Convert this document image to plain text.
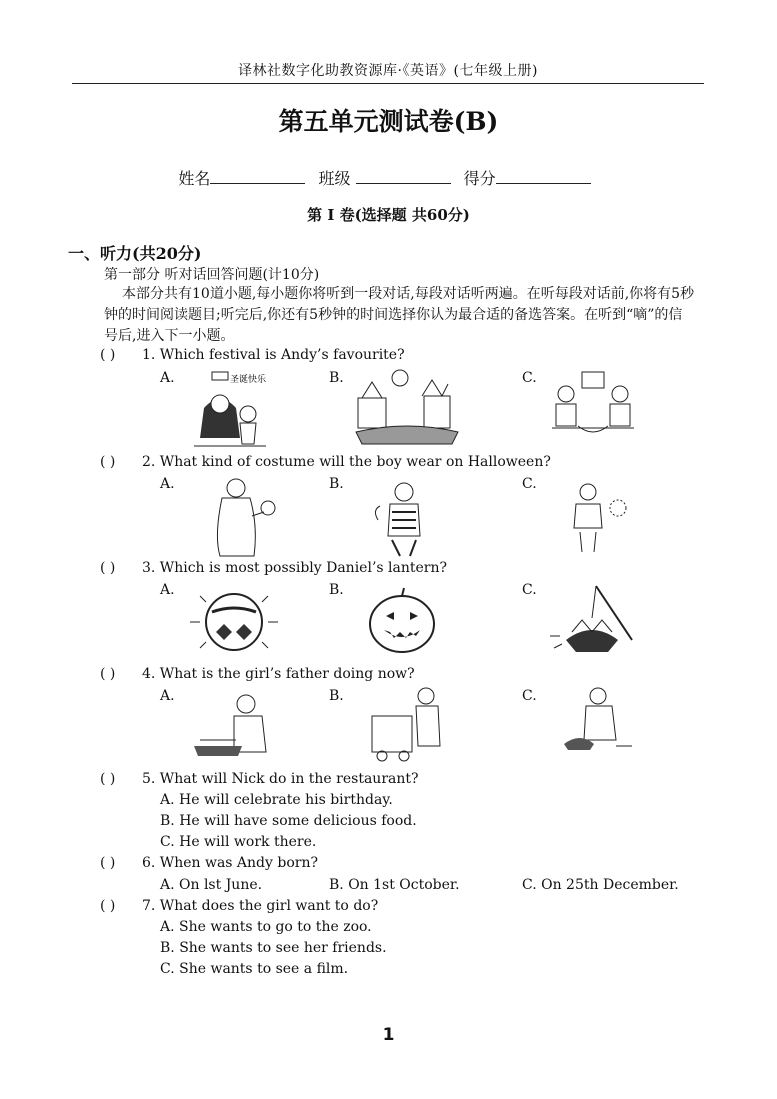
译林社数字化助教资源库·《英语》(七年级上册)
第五单元测试卷(B)
姓名	班级	得分
第 I 卷(选择题 共60分)
一、听力(共20分)
第一部分 听对话回答问题(计10分)
本部分共有10道小题,每小题你将听到一段对话,每段对话听两遍。在听每段对话前,你将有5秒钟的时间阅读题目;听完后,你还有5秒钟的时间选择你认为最合适的备选答案。在听到“嘀”的信号后,进入下一小题。
( ) 1. Which festival is Andy’s favourite?
A.	B.	C.
圣诞快乐
( ) 2. What kind of costume will the boy wear on Halloween?
A.	B.	C.
( ) 3. Which is most possibly Daniel’s lantern?
A.	B.	C.
( ) 4. What is the girl’s father doing now?
A.	B.	C.
( ) 5. What will Nick do in the restaurant?
A. He will celebrate his birthday.
B. He will have some delicious food.
C. He will work there.
( ) 6. When was Andy born?
A. On lst June.	B. On 1st October.	C. On 25th December.
( ) 7. What does the girl want to do?
A. She wants to go to the zoo.
B. She wants to see her friends.
C. She wants to see a film.
1
